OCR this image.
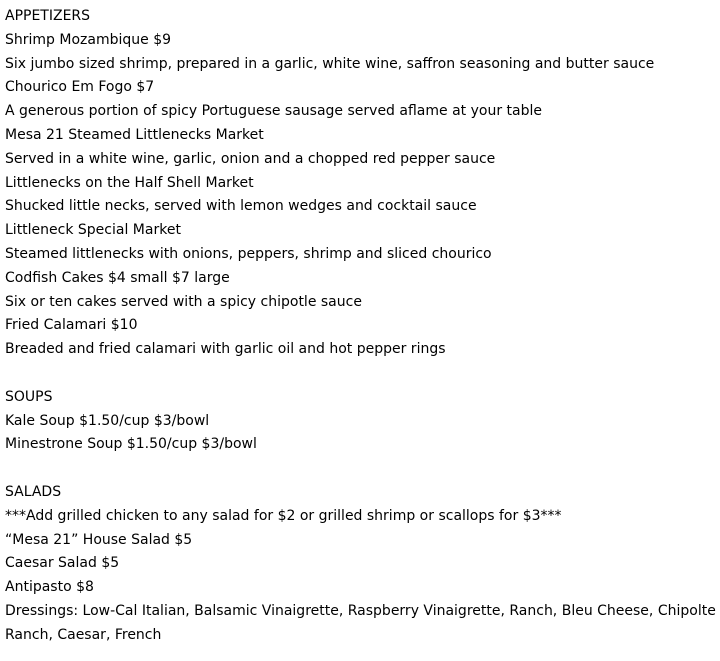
APPETIZERS
Shrimp Mozambique $9
Six jumbo sized shrimp, prepared in a garlic, white wine, saffron seasoning and butter sauce
Chourico Em Fogo $7
A generous portion of spicy Portuguese sausage served aflame at your table
Mesa 21 Steamed Littlenecks Market
Served in a white wine, garlic, onion and a chopped red pepper sauce
Littlenecks on the Half Shell Market
Shucked little necks, served with lemon wedges and cocktail sauce
Littleneck Special Market
Steamed littlenecks with onions, peppers, shrimp and sliced chourico
Codfish Cakes $4 small $7 large
Six or ten cakes served with a spicy chipotle sauce
Fried Calamari $10
Breaded and fried calamari with garlic oil and hot pepper rings
SOUPS
Kale Soup $1.50/cup $3/bowl
Minestrone Soup $1.50/cup $3/bowl
SALADS
***Add grilled chicken to any salad for $2 or grilled shrimp or scallops for $3***
“Mesa 21” House Salad $5
Caesar Salad $5
Antipasto $8
Dressings: Low-Cal Italian, Balsamic Vinaigrette, Raspberry Vinaigrette, Ranch, Bleu Cheese, Chipolte Ranch, Caesar, French
